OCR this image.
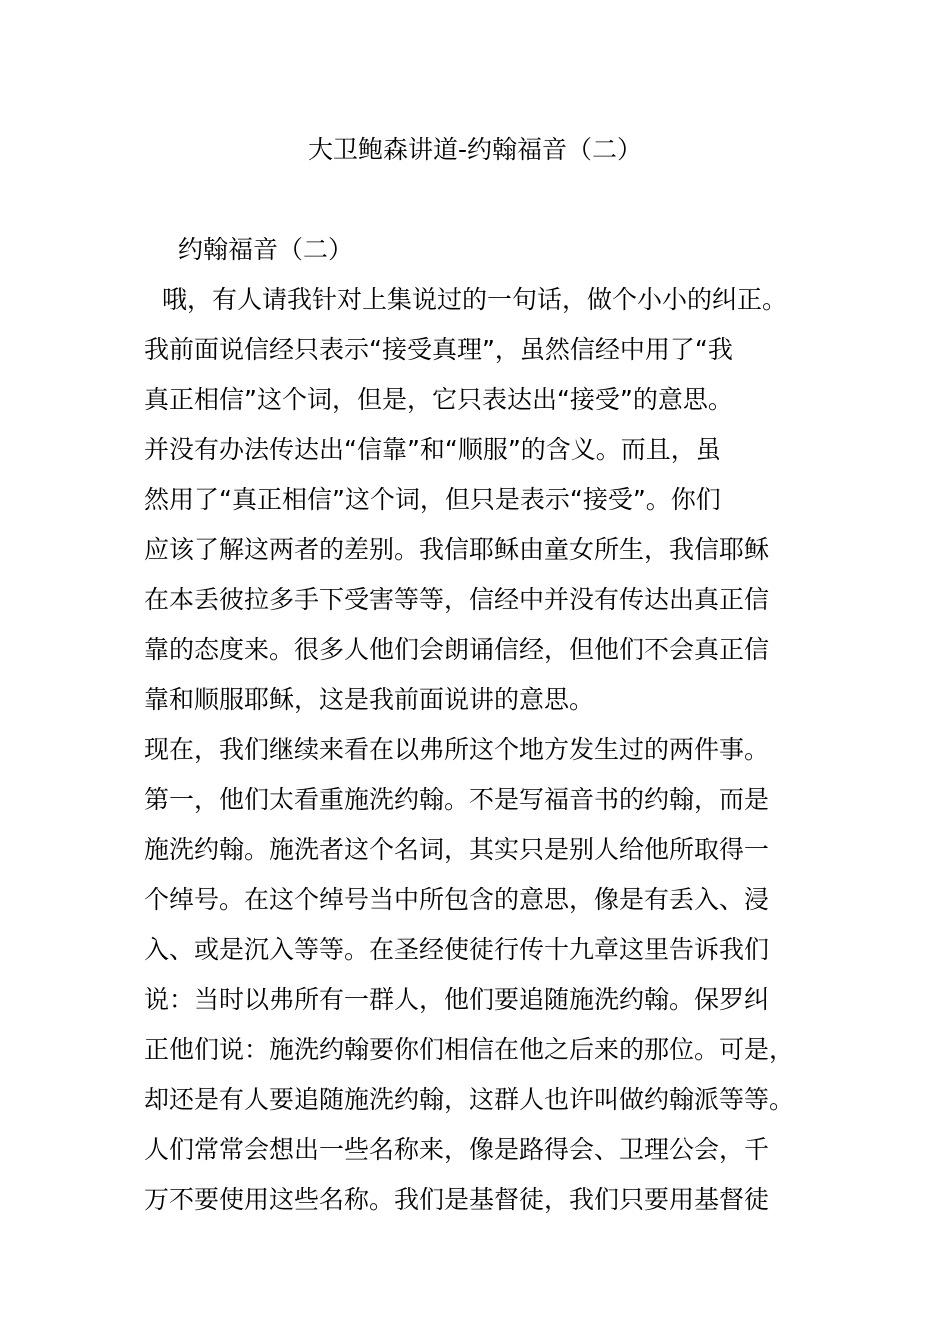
大卫鲍森讲道-约翰福音（二）
约翰福音（二）
哦，有人请我针对上集说过的一句话，做个小小的纠正。
我前面说信经只表示“接受真理”，虽然信经中用了“我
真正相信”这个词，但是，它只表达出“接受”的意思。
并没有办法传达出“信靠”和“顺服”的含义。而且，虽
然用了“真正相信”这个词，但只是表示“接受”。你们
应该了解这两者的差别。我信耶稣由童女所生，我信耶稣
在本丢彼拉多手下受害等等，信经中并没有传达出真正信
靠的态度来。很多人他们会朗诵信经，但他们不会真正信
靠和顺服耶稣，这是我前面说讲的意思。
现在，我们继续来看在以弗所这个地方发生过的两件事。
第一，他们太看重施洗约翰。不是写福音书的约翰，而是
施洗约翰。施洗者这个名词，其实只是别人给他所取得一
个绰号。在这个绰号当中所包含的意思，像是有丢入、浸
入、或是沉入等等。在圣经使徒行传十九章这里告诉我们
说：当时以弗所有一群人，他们要追随施洗约翰。保罗纠
正他们说：施洗约翰要你们相信在他之后来的那位。可是，
却还是有人要追随施洗约翰，这群人也许叫做约翰派等等。
人们常常会想出一些名称来，像是路得会、卫理公会，千
万不要使用这些名称。我们是基督徒，我们只要用基督徒
